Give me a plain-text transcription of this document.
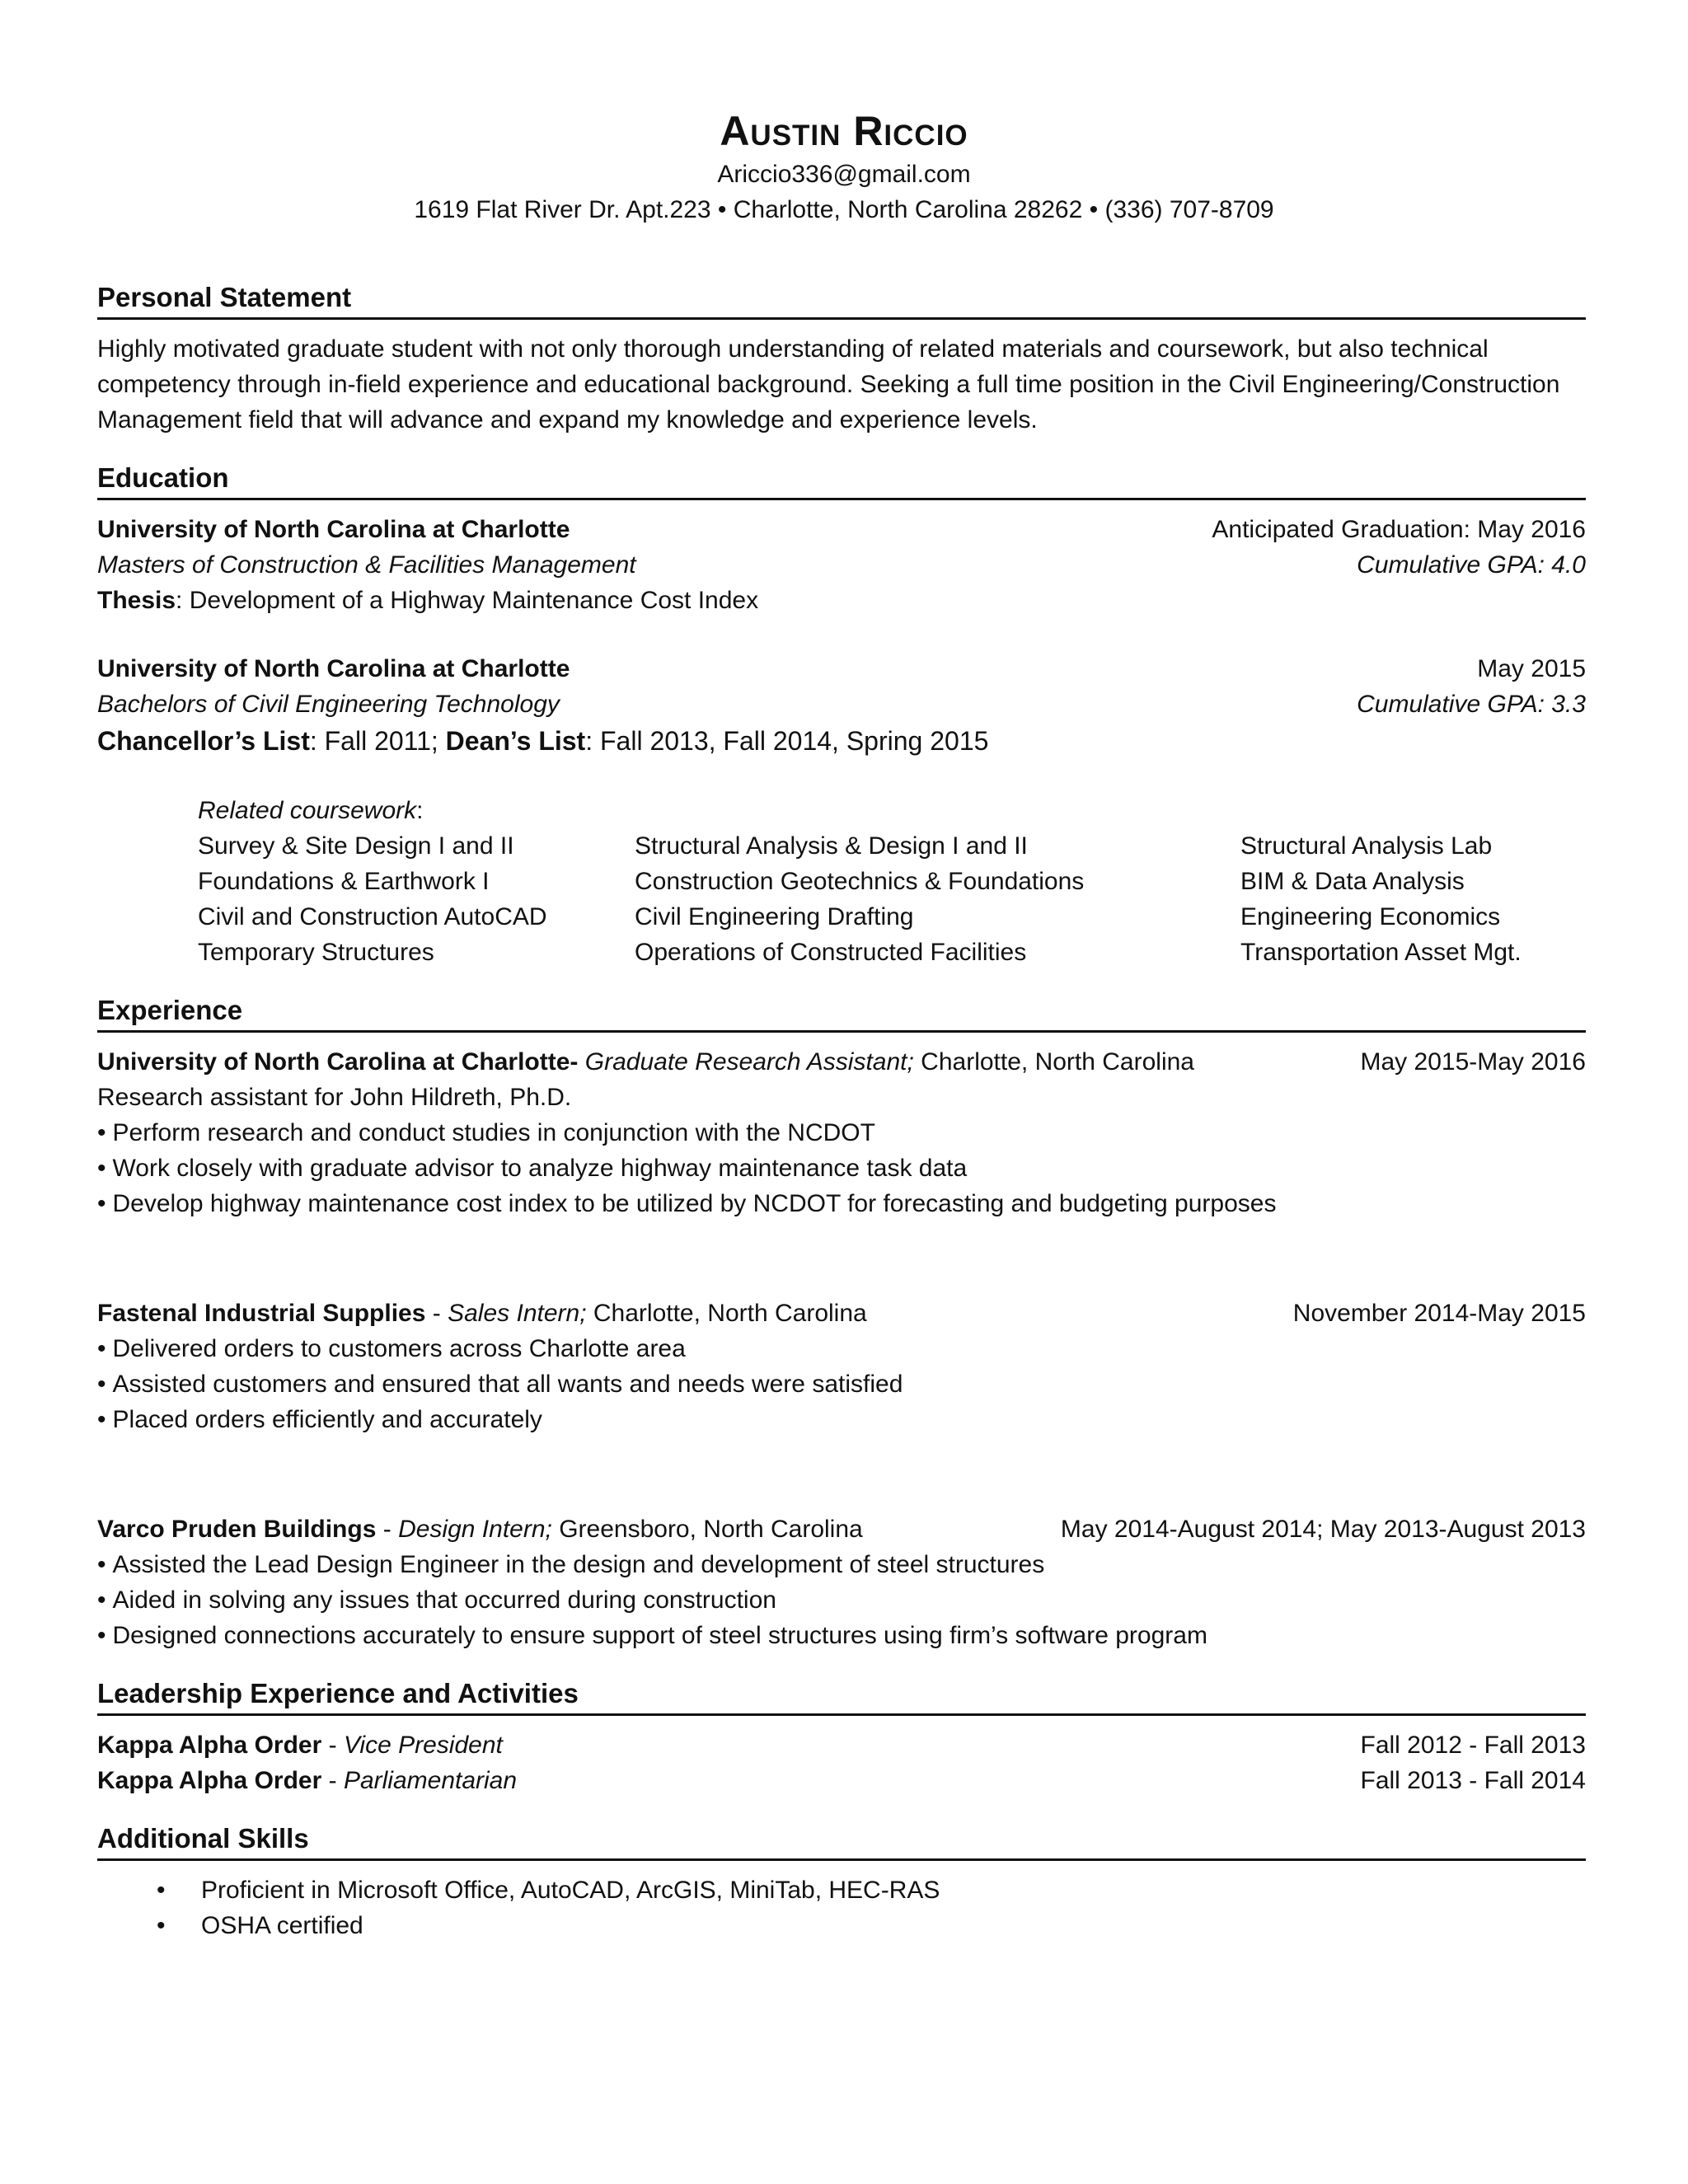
Austin Riccio
Ariccio336@gmail.com
1619 Flat River Dr. Apt.223 • Charlotte, North Carolina 28262 • (336) 707-8709
Personal Statement
Highly motivated graduate student with not only thorough understanding of related materials and coursework, but also technical competency through in-field experience and educational background. Seeking a full time position in the Civil Engineering/Construction Management field that will advance and expand my knowledge and experience levels.
Education
University of North Carolina at Charlotte	Anticipated Graduation: May 2016
Masters of Construction & Facilities Management	Cumulative GPA: 4.0
Thesis: Development of a Highway Maintenance Cost Index
University of North Carolina at Charlotte	May 2015
Bachelors of Civil Engineering Technology	Cumulative GPA: 3.3
Chancellor’s List: Fall 2011; Dean’s List: Fall 2013, Fall 2014, Spring 2015
Related coursework:
Survey & Site Design I and II	Structural Analysis & Design I and II	Structural Analysis Lab
Foundations & Earthwork I	Construction Geotechnics & Foundations	BIM & Data Analysis
Civil and Construction AutoCAD	Civil Engineering Drafting	Engineering Economics
Temporary Structures	Operations of Constructed Facilities	Transportation Asset Mgt.
Experience
University of North Carolina at Charlotte- Graduate Research Assistant; Charlotte, North Carolina	May 2015-May 2016
Research assistant for John Hildreth, Ph.D.
• Perform research and conduct studies in conjunction with the NCDOT
• Work closely with graduate advisor to analyze highway maintenance task data
• Develop highway maintenance cost index to be utilized by NCDOT for forecasting and budgeting purposes
Fastenal Industrial Supplies - Sales Intern; Charlotte, North Carolina	November 2014-May 2015
• Delivered orders to customers across Charlotte area
• Assisted customers and ensured that all wants and needs were satisfied
• Placed orders efficiently and accurately
Varco Pruden Buildings - Design Intern; Greensboro, North Carolina	May 2014-August 2014; May 2013-August 2013
• Assisted the Lead Design Engineer in the design and development of steel structures
• Aided in solving any issues that occurred during construction
• Designed connections accurately to ensure support of steel structures using firm’s software program
Leadership Experience and Activities
Kappa Alpha Order - Vice President	Fall 2012 - Fall 2013
Kappa Alpha Order - Parliamentarian	Fall 2013 - Fall 2014
Additional Skills
• Proficient in Microsoft Office, AutoCAD, ArcGIS, MiniTab, HEC-RAS
• OSHA certified
